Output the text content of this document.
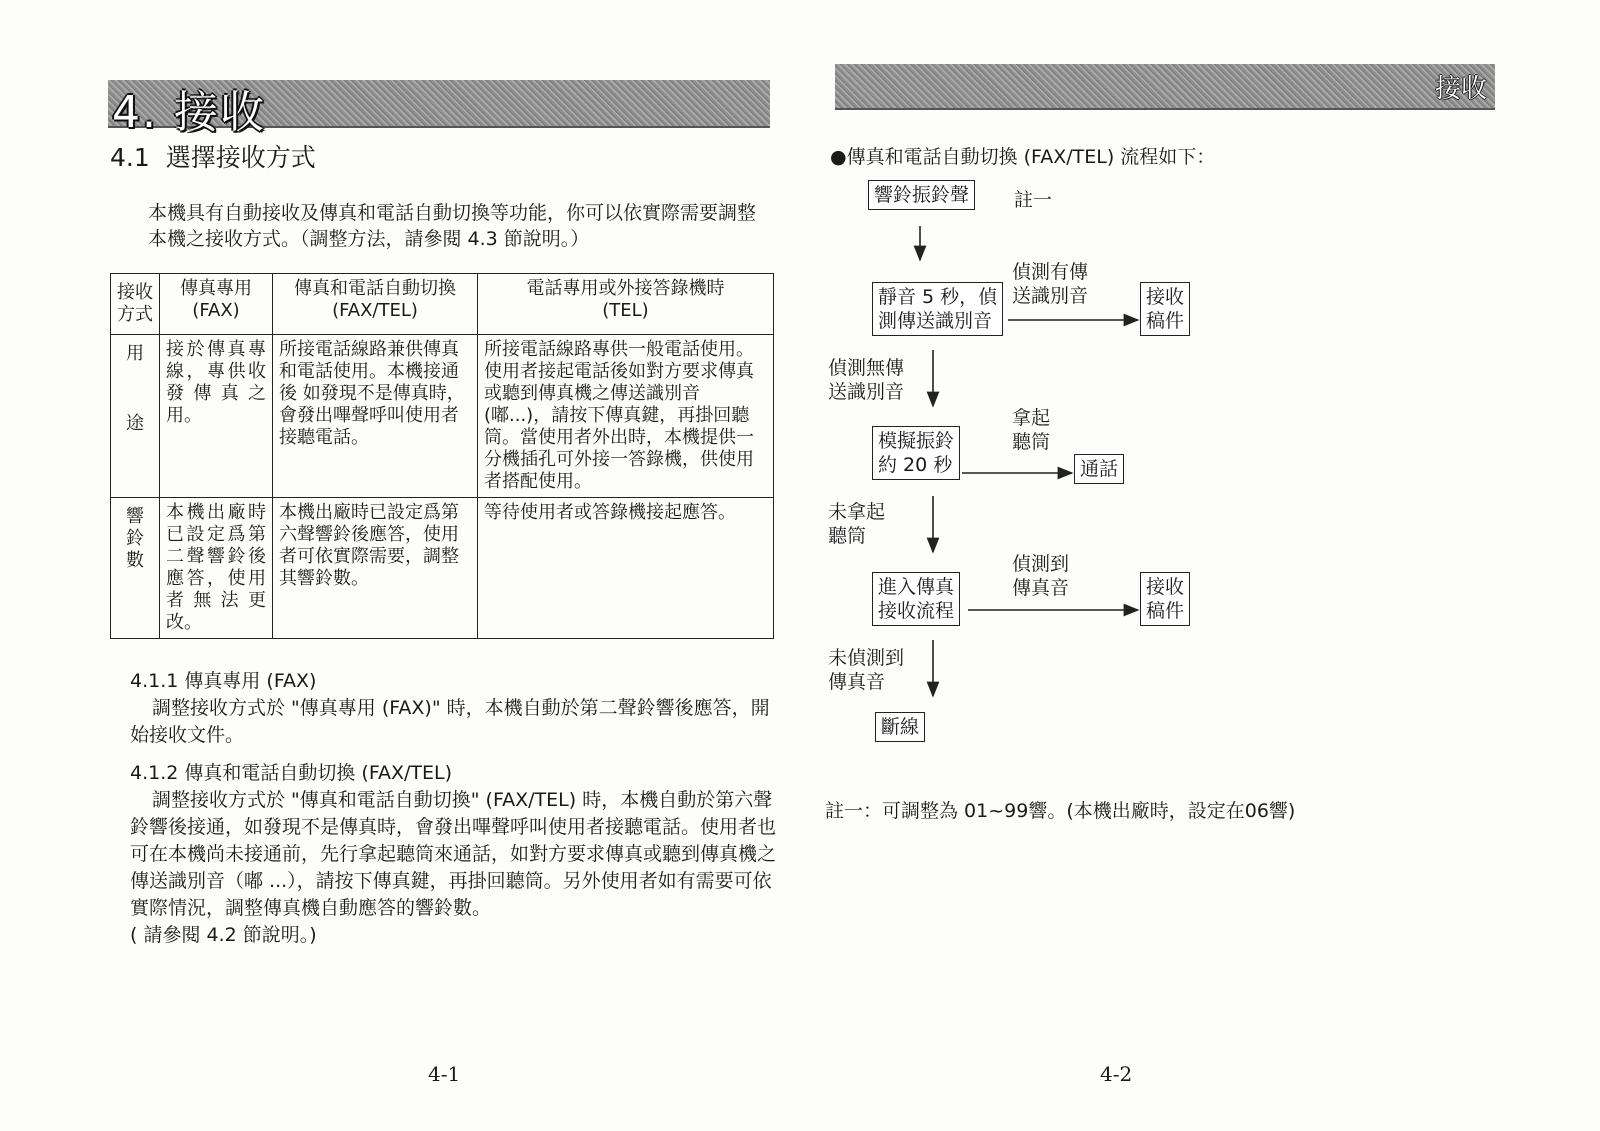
4. 接收
4.1 選擇接收方式

本機具有自動接收及傳真和電話自動切換等功能，你可以依實際需要調整本機之接收方式。（調整方法，請參閱 4.3 節說明。）

接收
方式	傳真專用
(FAX)	傳真和電話自動切換
(FAX/TEL)	電話專用或外接答錄機時
(TEL)

用
途	接於傳真專線，專供收發傳真之用。	所接電話線路兼供傳真和電話使用。本機接通後 如發現不是傳真時，會發出嗶聲呼叫使用者接聽電話。	所接電話線路專供一般電話使用。使用者接起電話後如對方要求傳真或聽到傳真機之傳送識別音 (嘟...)，請按下傳真鍵，再掛回聽筒。當使用者外出時，本機提供一分機插孔可外接一答錄機，供使用者搭配使用。

響
鈴
數	本機出廠時已設定爲第二聲響鈴後應答，使用者無法更改。	本機出廠時已設定爲第六聲響鈴後應答，使用者可依實際需要，調整其響鈴數。	等待使用者或答錄機接起應答。
4.1.1 傳真專用 (FAX)

調整接收方式於 "傳真專用 (FAX)" 時，本機自動於第二聲鈴響後應答，開始接收文件。

4.1.2 傳真和電話自動切換 (FAX/TEL)

調整接收方式於 "傳真和電話自動切換" (FAX/TEL) 時，本機自動於第六聲鈴響後接通，如發現不是傳真時，會發出嗶聲呼叫使用者接聽電話。使用者也可在本機尚未接通前，先行拿起聽筒來通話，如對方要求傳真或聽到傳真機之傳送識別音（嘟 ...），請按下傳真鍵，再掛回聽筒。另外使用者如有需要可依實際情況，調整傳真機自動應答的響鈴數。

( 請參閱 4.2 節說明。)

4-1
接收

●傳真和電話自動切換 (FAX/TEL) 流程如下：

響鈴振鈴聲	註一
靜音 5 秒，偵
測傳送識別音
偵測有傳
送識別音	接收
稿件
偵測無傳
送識別音
模擬振鈴
約 20 秒
拿起
聽筒
通話
未拿起
聽筒
進入傳真
接收流程
偵測到
傳真音	接收
稿件
未偵測到
傳真音
斷線

註一：可調整為 01~99響。(本機出廠時，設定在06響)

4-2
